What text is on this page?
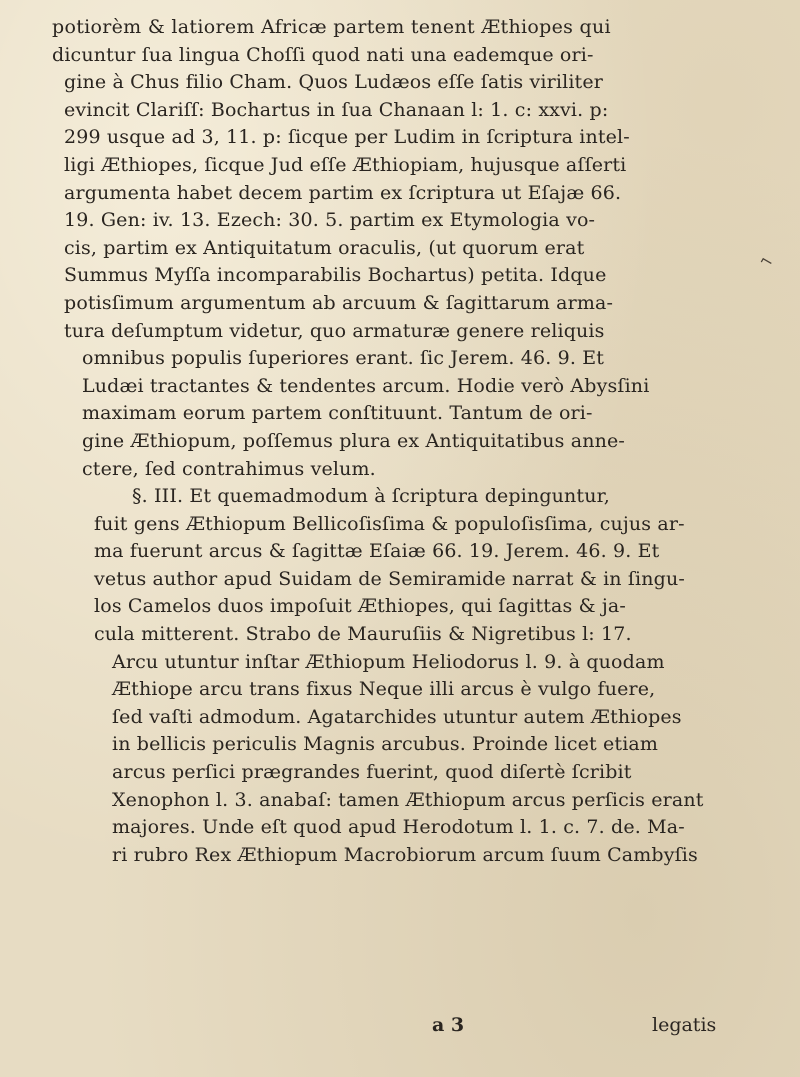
potiorèm & latiorem Africæ partem tenent Æthiopes qui
dicuntur ſua lingua Choſſi quod nati una eademque ori-
gine à Chus filio Cham. Quos Ludæos eſſe ſatis viriliter
evincit Clariſſ: Bochartus in ſua Chanaan l: 1. c: xxvi. p:
299 usque ad 3, 11. p: ſicque per Ludim in ſcriptura intel-
ligi Æthiopes, ſicque Jud eſſe Æthiopiam, hujusque aſſerti
argumenta habet decem partim ex ſcriptura ut Eſajæ 66.
19. Gen: iv. 13. Ezech: 30. 5. partim ex Etymologia vo-
cis, partim ex Antiquitatum oraculis, (ut quorum erat
Summus Myſſa incomparabilis Bochartus) petita. Idque
potisſimum argumentum ab arcuum & ſagittarum arma-
tura deſumptum videtur, quo armaturæ genere reliquis
omnibus populis ſuperiores erant. ſic Jerem. 46. 9. Et
Ludæi tractantes & tendentes arcum. Hodie verò Abysſini
maximam eorum partem conſtituunt. Tantum de ori-
gine Æthiopum, poſſemus plura ex Antiquitatibus anne-
ctere, ſed contrahimus velum.
§. III. Et quemadmodum à ſcriptura depinguntur,
fuit gens Æthiopum Bellicoſisſima & populoſisſima, cujus ar-
ma fuerunt arcus & ſagittæ Eſaiæ 66. 19. Jerem. 46. 9. Et
vetus author apud Suidam de Semiramide narrat & in ſingu-
los Camelos duos impoſuit Æthiopes, qui ſagittas & ja-
cula mitterent. Strabo de Mauruſiis & Nigretibus l: 17.
Arcu utuntur inſtar Æthiopum Heliodorus l. 9. à quodam
Æthiope arcu trans fixus Neque illi arcus è vulgo fuere,
ſed vaſti admodum. Agatarchides utuntur autem Æthiopes
in bellicis periculis Magnis arcubus. Proinde licet etiam
arcus perſici prægrandes fuerint, quod diſertè ſcribit
Xenophon l. 3. anabaſ: tamen Æthiopum arcus perſicis erant
majores. Unde eſt quod apud Herodotum l. 1. c. 7. de. Ma-
ri rubro Rex Æthiopum Macrobiorum arcum ſuum Cambyſis
⌐
a 3	legatis
